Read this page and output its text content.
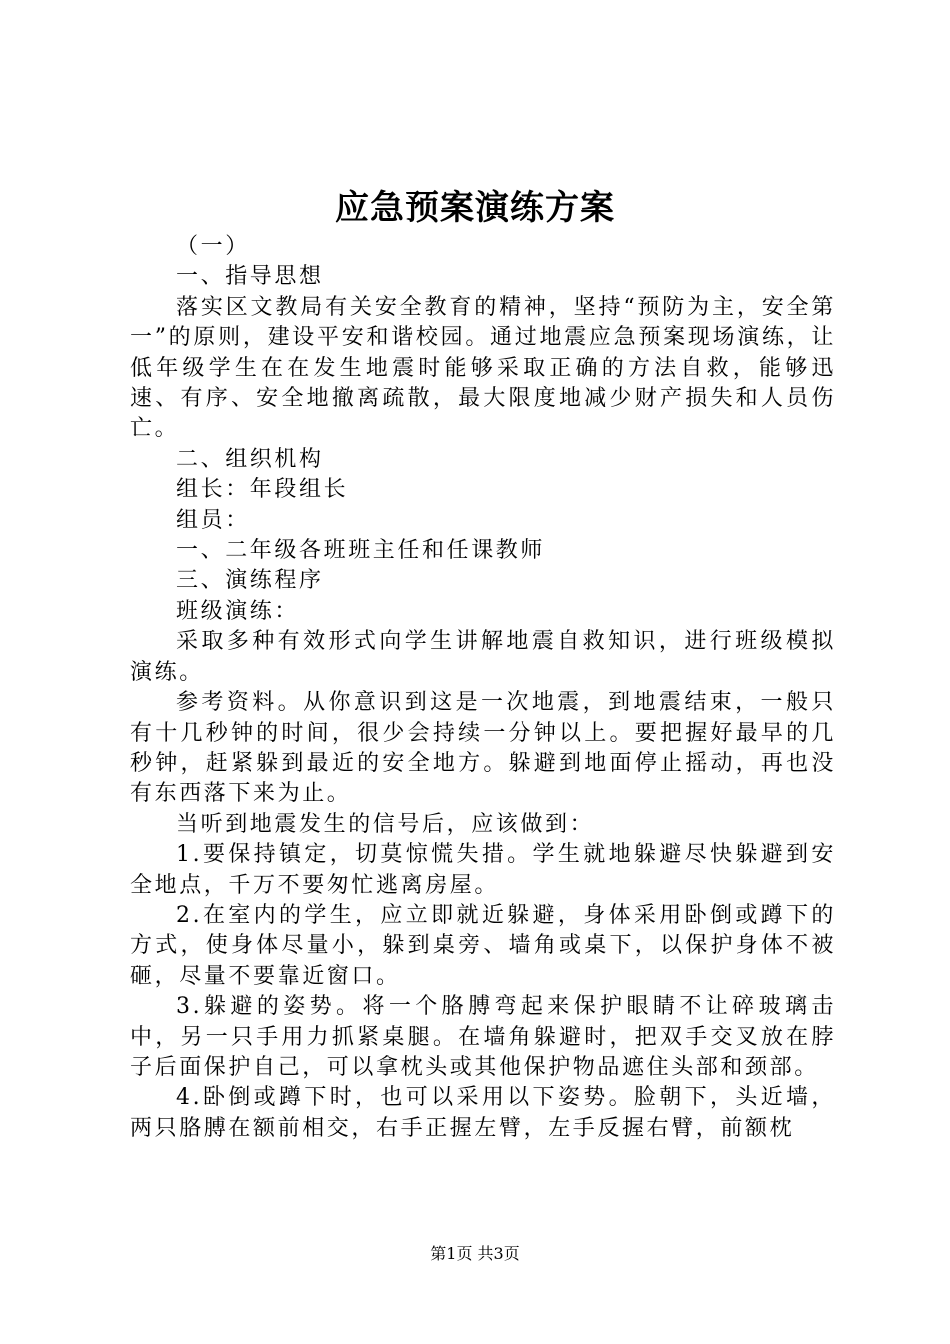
应急预案演练方案

（一）

一、指导思想

落实区文教局有关安全教育的精神，坚持“预防为主，安全第一”的原则，建设平安和谐校园。通过地震应急预案现场演练，让低年级学生在在发生地震时能够采取正确的方法自救，能够迅速、有序、安全地撤离疏散，最大限度地减少财产损失和人员伤亡。

二、组织机构

组长：年段组长

组员：

一、二年级各班班主任和任课教师

三、演练程序

班级演练：

采取多种有效形式向学生讲解地震自救知识，进行班级模拟演练。

参考资料。从你意识到这是一次地震，到地震结束，一般只有十几秒钟的时间，很少会持续一分钟以上。要把握好最早的几秒钟，赶紧躲到最近的安全地方。躲避到地面停止摇动，再也没有东西落下来为止。

当听到地震发生的信号后，应该做到：

1.要保持镇定，切莫惊慌失措。学生就地躲避尽快躲避到安全地点，千万不要匆忙逃离房屋。

2.在室内的学生，应立即就近躲避，身体采用卧倒或蹲下的方式，使身体尽量小，躲到桌旁、墙角或桌下，以保护身体不被砸，尽量不要靠近窗口。

3.躲避的姿势。将一个胳膊弯起来保护眼睛不让碎玻璃击中，另一只手用力抓紧桌腿。在墙角躲避时，把双手交叉放在脖子后面保护自己，可以拿枕头或其他保护物品遮住头部和颈部。

4.卧倒或蹲下时，也可以采用以下姿势。脸朝下，头近墙，两只胳膊在额前相交，右手正握左臂，左手反握右臂，前额枕

第1页 共3页
